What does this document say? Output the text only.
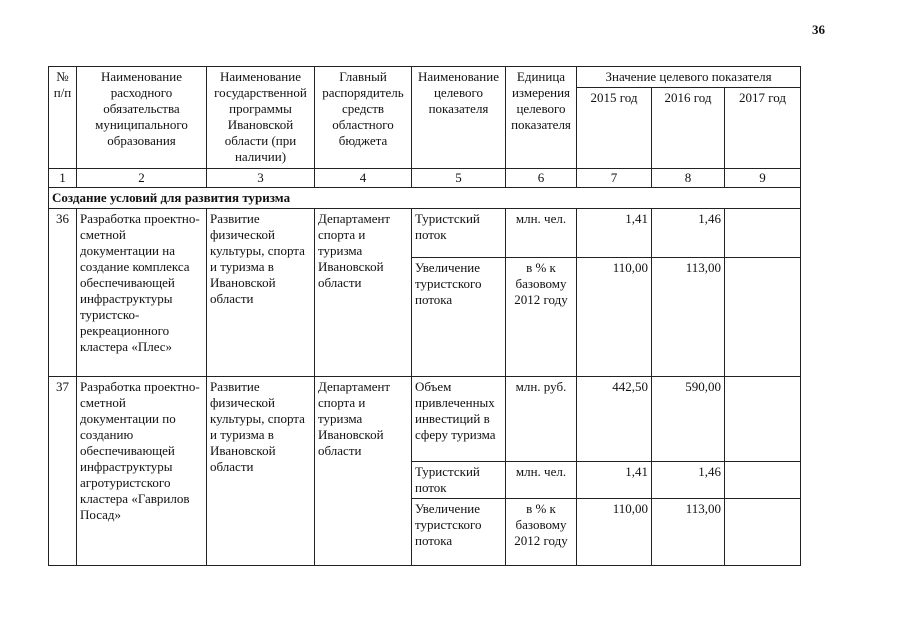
36
№ п/п	Наименование расходного обязательства муниципального образования	Наименование государственной программы Ивановской области (при наличии)	Главный распорядитель средств областного бюджета	Наименование целевого показателя	Единица измерения целевого показателя	Значение целевого показателя		
						2015 год	2016 год	2017 год
1	2	3	4	5	6	7	8	9
Создание условий для развития туризма								
36	Разработка проектно-сметной документации на создание комплекса обеспечивающей инфраструктуры туристско-рекреационного кластера «Плес»	Развитие физической культуры, спорта и туризма в Ивановской области	Департамент спорта и туризма Ивановской области	Туристский поток	млн. чел.	1,41	1,46	
				Увеличение туристского потока	в % к базовому 2012 году	110,00	113,00	
37	Разработка проектно-сметной документации по созданию обеспечивающей инфраструктуры агротуристского кластера «Гаврилов Посад»	Развитие физической культуры, спорта и туризма в Ивановской области	Департамент спорта и туризма Ивановской области	Объем привлеченных инвестиций в сферу туризма	млн. руб.	442,50	590,00	
				Туристский поток	млн. чел.	1,41	1,46	
				Увеличение туристского потока	в % к базовому 2012 году	110,00	113,00	
